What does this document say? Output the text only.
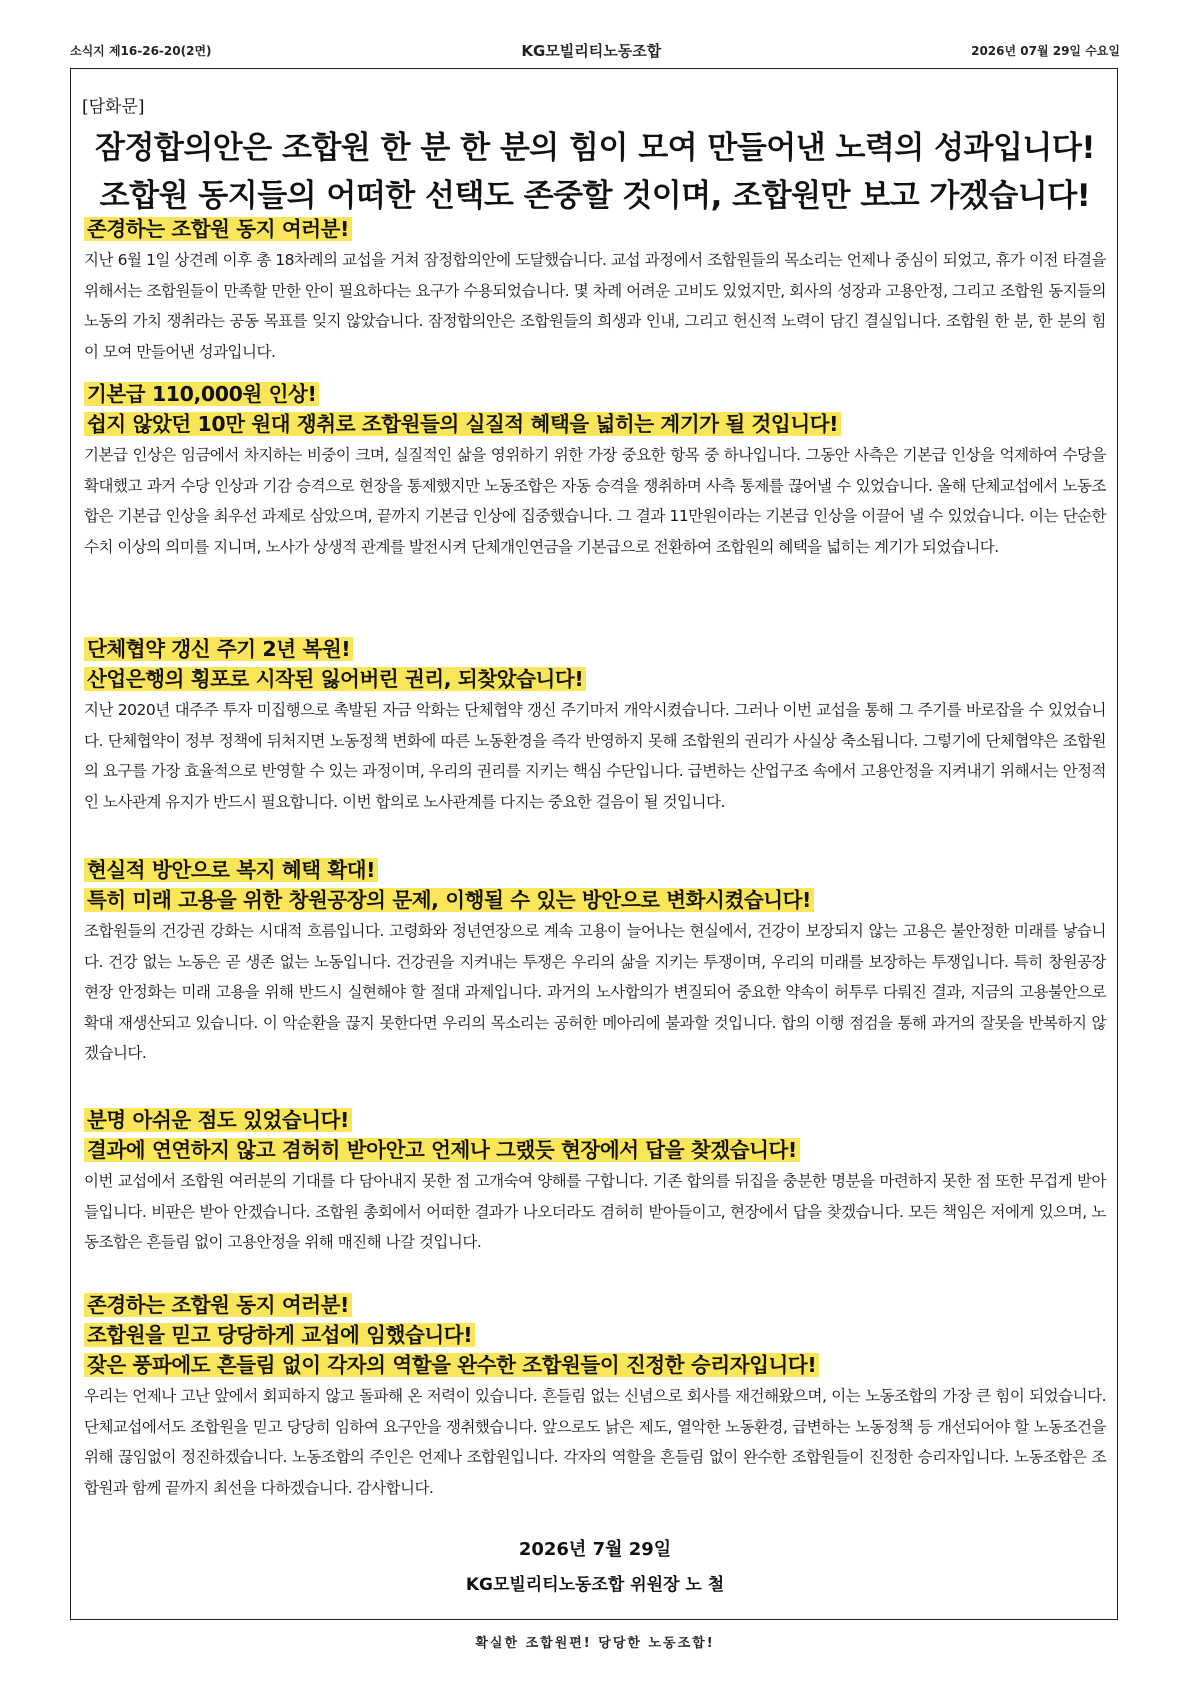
소식지 제16-26-20(2면)	KG모빌리티노동조합	2026년 07월 29일 수요일
[담화문]
잠정합의안은 조합원 한 분 한 분의 힘이 모여 만들어낸 노력의 성과입니다!
조합원 동지들의 어떠한 선택도 존중할 것이며, 조합원만 보고 가겠습니다!
존경하는 조합원 동지 여러분!
지난 6월 1일 상견례 이후 총 18차례의 교섭을 거쳐 잠정합의안에 도달했습니다. 교섭 과정에서 조합원들의 목소리는 언제나 중심이 되었고, 휴가 이전 타결을 위해서는 조합원들이 만족할 만한 안이 필요하다는 요구가 수용되었습니다. 몇 차례 어려운 고비도 있었지만, 회사의 성장과 고용안정, 그리고 조합원 동지들의 노동의 가치 쟁취라는 공동 목표를 잊지 않았습니다. 잠정합의안은 조합원들의 희생과 인내, 그리고 헌신적 노력이 담긴 결실입니다. 조합원 한 분, 한 분의 힘이 모여 만들어낸 성과입니다.
기본급 110,000원 인상!
쉽지 않았던 10만 원대 쟁취로 조합원들의 실질적 혜택을 넓히는 계기가 될 것입니다!
기본급 인상은 임금에서 차지하는 비중이 크며, 실질적인 삶을 영위하기 위한 가장 중요한 항목 중 하나입니다. 그동안 사측은 기본급 인상을 억제하여 수당을 확대했고 과거 수당 인상과 기감 승격으로 현장을 통제했지만 노동조합은 자동 승격을 쟁취하며 사측 통제를 끊어낼 수 있었습니다. 올해 단체교섭에서 노동조합은 기본급 인상을 최우선 과제로 삼았으며, 끝까지 기본급 인상에 집중했습니다. 그 결과 11만원이라는 기본급 인상을 이끌어 낼 수 있었습니다. 이는 단순한 수치 이상의 의미를 지니며, 노사가 상생적 관계를 발전시켜 단체개인연금을 기본급으로 전환하여 조합원의 혜택을 넓히는 계기가 되었습니다.
단체협약 갱신 주기 2년 복원!
산업은행의 횡포로 시작된 잃어버린 권리, 되찾았습니다!
지난 2020년 대주주 투자 미집행으로 촉발된 자금 악화는 단체협약 갱신 주기마저 개악시켰습니다. 그러나 이번 교섭을 통해 그 주기를 바로잡을 수 있었습니다. 단체협약이 정부 정책에 뒤처지면 노동정책 변화에 따른 노동환경을 즉각 반영하지 못해 조합원의 권리가 사실상 축소됩니다. 그렇기에 단체협약은 조합원의 요구를 가장 효율적으로 반영할 수 있는 과정이며, 우리의 권리를 지키는 핵심 수단입니다. 급변하는 산업구조 속에서 고용안정을 지켜내기 위해서는 안정적인 노사관계 유지가 반드시 필요합니다. 이번 합의로 노사관계를 다지는 중요한 걸음이 될 것입니다.
현실적 방안으로 복지 혜택 확대!
특히 미래 고용을 위한 창원공장의 문제, 이행될 수 있는 방안으로 변화시켰습니다!
조합원들의 건강권 강화는 시대적 흐름입니다. 고령화와 정년연장으로 계속 고용이 늘어나는 현실에서, 건강이 보장되지 않는 고용은 불안정한 미래를 낳습니다. 건강 없는 노동은 곧 생존 없는 노동입니다. 건강권을 지켜내는 투쟁은 우리의 삶을 지키는 투쟁이며, 우리의 미래를 보장하는 투쟁입니다. 특히 창원공장 현장 안정화는 미래 고용을 위해 반드시 실현해야 할 절대 과제입니다. 과거의 노사합의가 변질되어 중요한 약속이 허투루 다뤄진 결과, 지금의 고용불안으로 확대 재생산되고 있습니다. 이 악순환을 끊지 못한다면 우리의 목소리는 공허한 메아리에 불과할 것입니다. 합의 이행 점검을 통해 과거의 잘못을 반복하지 않겠습니다.
분명 아쉬운 점도 있었습니다!
결과에 연연하지 않고 겸허히 받아안고 언제나 그랬듯 현장에서 답을 찾겠습니다!
이번 교섭에서 조합원 여러분의 기대를 다 담아내지 못한 점 고개숙여 양해를 구합니다. 기존 합의를 뒤집을 충분한 명분을 마련하지 못한 점 또한 무겁게 받아들입니다. 비판은 받아 안겠습니다. 조합원 총회에서 어떠한 결과가 나오더라도 겸허히 받아들이고, 현장에서 답을 찾겠습니다. 모든 책임은 저에게 있으며, 노동조합은 흔들림 없이 고용안정을 위해 매진해 나갈 것입니다.
존경하는 조합원 동지 여러분!
조합원을 믿고 당당하게 교섭에 임했습니다!
잦은 풍파에도 흔들림 없이 각자의 역할을 완수한 조합원들이 진정한 승리자입니다!
우리는 언제나 고난 앞에서 회피하지 않고 돌파해 온 저력이 있습니다. 흔들림 없는 신념으로 회사를 재건해왔으며, 이는 노동조합의 가장 큰 힘이 되었습니다. 단체교섭에서도 조합원을 믿고 당당히 임하여 요구안을 쟁취했습니다. 앞으로도 낡은 제도, 열악한 노동환경, 급변하는 노동정책 등 개선되어야 할 노동조건을 위해 끊임없이 정진하겠습니다. 노동조합의 주인은 언제나 조합원입니다. 각자의 역할을 흔들림 없이 완수한 조합원들이 진정한 승리자입니다. 노동조합은 조합원과 함께 끝까지 최선을 다하겠습니다. 감사합니다.
2026년 7월 29일
KG모빌리티노동조합 위원장 노 철
확실한 조합원편! 당당한 노동조합!
